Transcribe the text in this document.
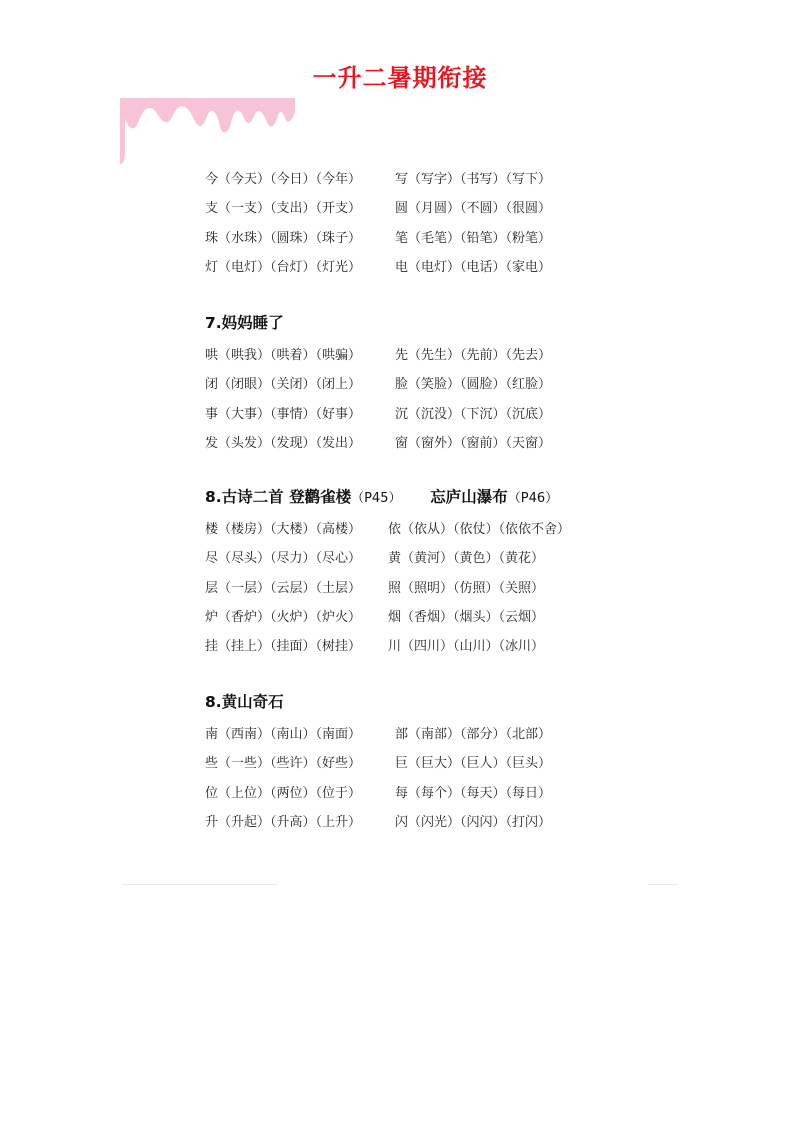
一升二暑期衔接
今（今天）（今日）（今年）	写（写字）（书写）（写下）
支（一支）（支出）（开支）	圆（月圆）（不圆）（很圆）
珠（水珠）（圆珠）（珠子）	笔（毛笔）（铅笔）（粉笔）
灯（电灯）（台灯）（灯光）	电（电灯）（电话）（家电）
7.妈妈睡了
哄（哄我）（哄着）（哄骗）	先（先生）（先前）（先去）
闭（闭眼）（关闭）（闭上）	脸（笑脸）（圆脸）（红脸）
事（大事）（事情）（好事）	沉（沉没）（下沉）（沉底）
发（头发）（发现）（发出）	窗（窗外）（窗前）（天窗）
8.古诗二首 登鹳雀楼（P45） 忘庐山瀑布（P46）
楼（楼房）（大楼）（高楼） 依（依从）（依仗）（依依不舍）
尽（尽头）（尽力）（尽心） 黄（黄河）（黄色）（黄花）
层（一层）（云层）（土层） 照（照明）（仿照）（关照）
炉（香炉）（火炉）（炉火） 烟（香烟）（烟头）（云烟）
挂（挂上）（挂面）（树挂） 川（四川）（山川）（冰川）
8.黄山奇石
南（西南）（南山）（南面）	部（南部）（部分）（北部）
些（一些）（些许）（好些）	巨（巨大）（巨人）（巨头）
位（上位）（两位）（位于）	每（每个）（每天）（每日）
升（升起）（升高）（上升）	闪（闪光）（闪闪）（打闪）
